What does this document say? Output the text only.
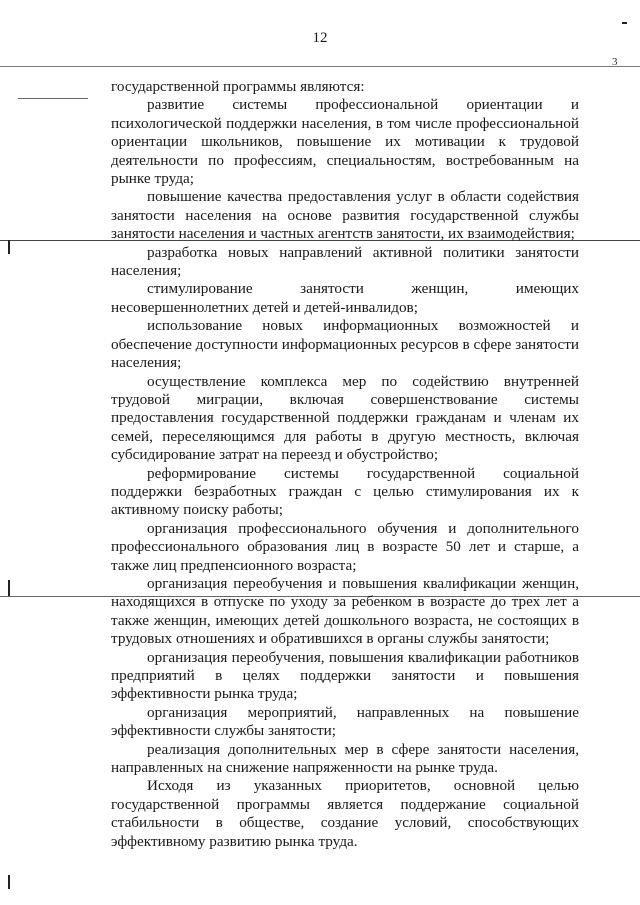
3
12

государственной программы являются:

развитие системы профессиональной ориентации и психологической поддержки населения, в том числе профессиональной ориентации школьников, повышение их мотивации к трудовой деятельности по профессиям, специальностям, востребованным на рынке труда;

повышение качества предоставления услуг в области содействия занятости населения на основе развития государственной службы занятости населения и частных агентств занятости, их взаимодействия;

разработка новых направлений активной политики занятости населения;

стимулирование занятости женщин, имеющих несовершеннолетних детей и детей-инвалидов;

использование новых информационных возможностей и обеспечение доступности информационных ресурсов в сфере занятости населения;

осуществление комплекса мер по содействию внутренней трудовой миграции, включая совершенствование системы предоставления государственной поддержки гражданам и членам их семей, переселяющимся для работы в другую местность, включая субсидирование затрат на переезд и обустройство;

реформирование системы государственной социальной поддержки безработных граждан с целью стимулирования их к активному поиску работы;

организация профессионального обучения и дополнительного профессионального образования лиц в возрасте 50 лет и старше, а также лиц предпенсионного возраста;

организация переобучения и повышения квалификации женщин, находящихся в отпуске по уходу за ребенком в возрасте до трех лет а также женщин, имеющих детей дошкольного возраста, не состоящих в трудовых отношениях и обратившихся в органы службы занятости;

организация переобучения, повышения квалификации работников предприятий в целях поддержки занятости и повышения эффективности рынка труда;

организация мероприятий, направленных на повышение эффективности службы занятости;

реализация дополнительных мер в сфере занятости населения, направленных на снижение напряженности на рынке труда.

Исходя из указанных приоритетов, основной целью государственной программы является поддержание социальной стабильности в обществе, создание условий, способствующих эффективному развитию рынка труда.
